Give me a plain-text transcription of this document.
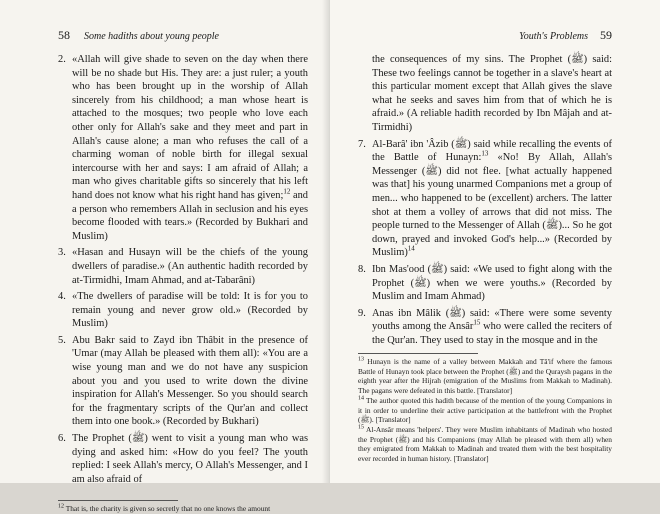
58 Some hadiths about young people
2. «Allah will give shade to seven on the day when there will be no shade but His. They are: a just ruler; a youth who has been brought up in the worship of Allah sincerely from his childhood; a man whose heart is attached to the mosques; two people who love each other only for Allah's sake and they meet and part in Allah's cause alone; a man who refuses the call of a charming woman of noble birth for illegal sexual intercourse with her and says: I am afraid of Allah; a man who gives charitable gifts so sincerely that his left hand does not know what his right hand has given;$^{12}$ and a person who remembers Allah in seclusion and his eyes become flooded with tears.» (Recorded by Bukhari and Muslim)
3. «Hasan and Husayn will be the chiefs of the young dwellers of paradise.» (An authentic hadith recorded by at-Tirmidhi, Imam Ahmad, and at-Tabarâni)
4. «The dwellers of paradise will be told: It is for you to remain young and never grow old.» (Recorded by Muslim)
5. Abu Bakr said to Zayd ibn Thâbit in the presence of 'Umar (may Allah be pleased with them all): «You are a wise young man and we do not have any suspicion about you and you used to write down the divine inspiration for Allah's Messenger. So you should search for the fragmentary scripts of the Qur'an and collect them into one book.» (Recorded by Bukhari)
6. The Prophet (ﷺ) went to visit a young man who was dying and asked him: «How do you feel? The youth replied: I seek Allah's mercy, O Allah's Messenger, and I am also afraid of
$^{12}$ That is, the charity is given so secretly that no one knows the amount
Youth's Problems 59
the consequences of my sins. The Prophet (ﷺ) said: These two feelings cannot be together in a slave's heart at this particular moment except that Allah gives the slave what he seeks and saves him from that of which he is afraid.» (A reliable hadith recorded by Ibn Mâjah and at-Tirmidhi)
7. Al-Barâ' ibn 'Âzib (ﷺ) said while recalling the events of the Battle of Hunayn:$^{13}$ «No! By Allah, Allah's Messenger (ﷺ) did not flee. [what actually happened was that] his young unarmed Companions met a group of men... who happened to be (excellent) archers. The latter shot at them a volley of arrows that did not miss. The people turned to the Messenger of Allah (ﷺ)... So he got down, prayed and invoked God's help...» (Recorded by Muslim)$^{14}$
8. Ibn Mas'ood (ﷺ) said: «We used to fight along with the Prophet (ﷺ) when we were youths.» (Recorded by Muslim and Imam Ahmad)
9. Anas ibn Mâlik (ﷺ) said: «There were some seventy youths among the Ansâr$^{15}$ who were called the reciters of the Qur'an. They used to stay in the mosque and in the
$^{13}$ Hunayn is the name of a valley between Makkah and Tâ'if where the famous Battle of Hunayn took place between the Prophet (ﷺ) and the Quraysh pagans in the eighth year after the Hijrah (emigration of the Muslims from Makkah to Madinah). The pagans were defeated in this battle. [Translator]
$^{14}$ The author quoted this hadith because of the mention of the young Companions in it in order to underline their active participation at the battlefront with the Prophet (ﷺ). [Translator]
$^{15}$ Al-Ansâr means 'helpers'. They were Muslim inhabitants of Madinah who hosted the Prophet (ﷺ) and his Companions (may Allah be pleased with them all) when they emigrated from Makkah to Madinah and treated them with the best hospitality ever recorded in human history. [Translator]
